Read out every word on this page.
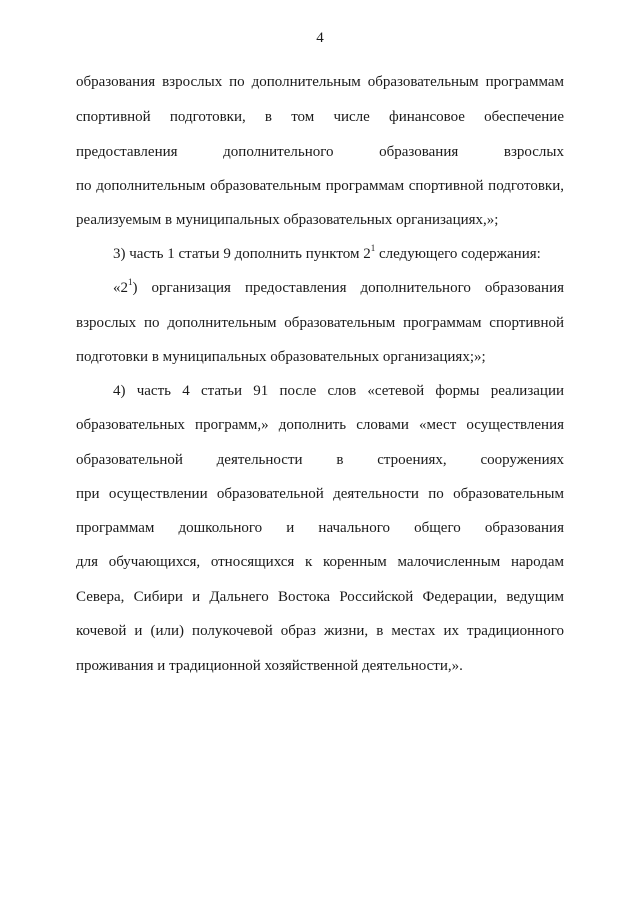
4
образования взрослых по дополнительным образовательным программам
спортивной подготовки, в том числе финансовое обеспечение
предоставления дополнительного образования взрослых
по дополнительным образовательным программам спортивной подготовки,
реализуемым в муниципальных образовательных организациях,»;
3) часть 1 статьи 9 дополнить пунктом $2^1$ следующего содержания:
«$2^1$) организация предоставления дополнительного образования
взрослых по дополнительным образовательным программам спортивной
подготовки в муниципальных образовательных организациях;»;
4) часть 4 статьи 91 после слов «сетевой формы реализации
образовательных программ,» дополнить словами «мест осуществления
образовательной деятельности в строениях, сооружениях
при осуществлении образовательной деятельности по образовательным
программам дошкольного и начального общего образования
для обучающихся, относящихся к коренным малочисленным народам
Севера, Сибири и Дальнего Востока Российской Федерации, ведущим
кочевой и (или) полукочевой образ жизни, в местах их традиционного
проживания и традиционной хозяйственной деятельности,».
